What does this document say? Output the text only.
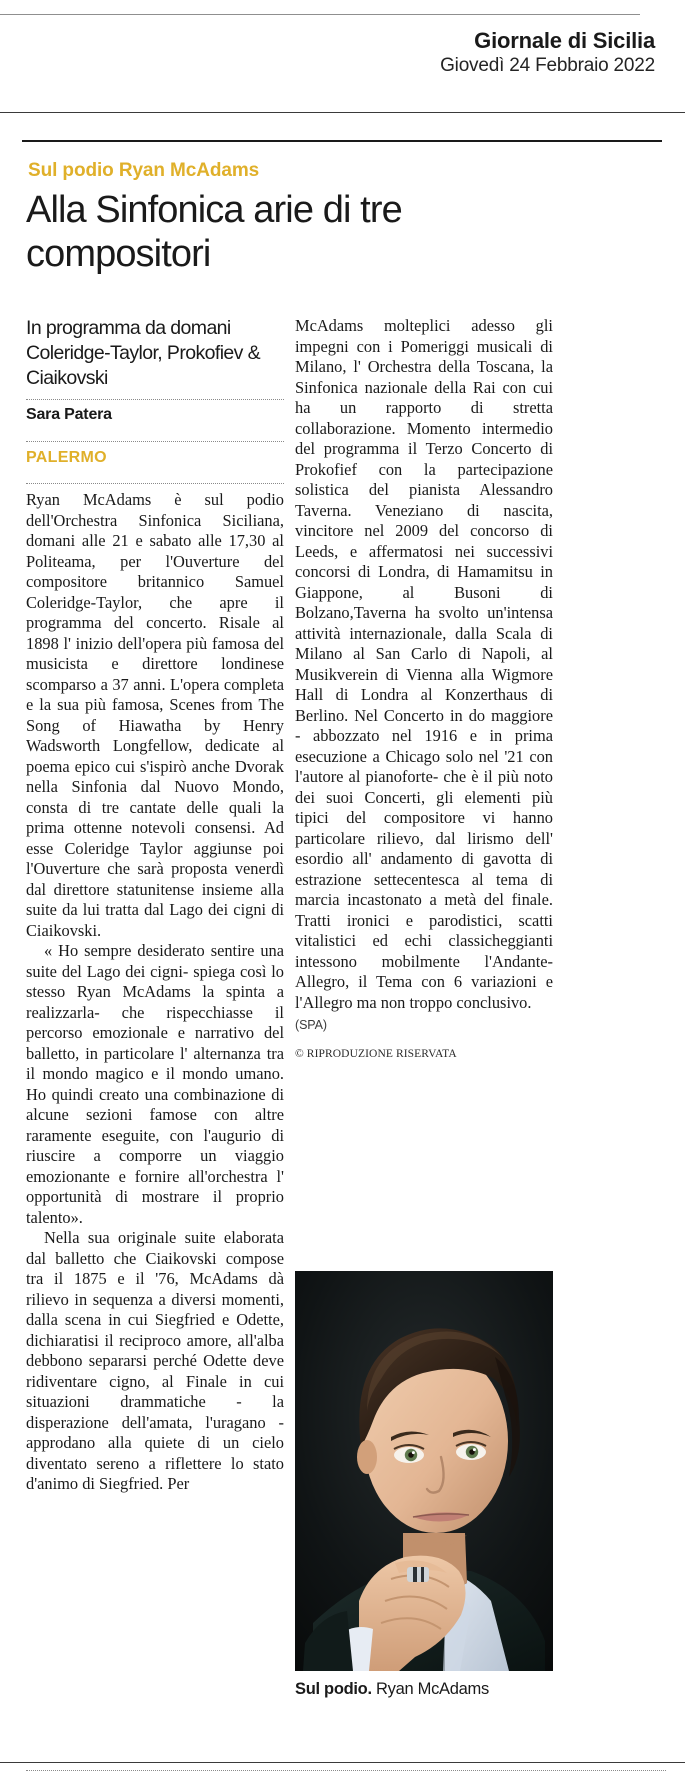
Giornale di Sicilia
Giovedì 24 Febbraio 2022
Sul podio Ryan McAdams
Alla Sinfonica arie di tre compositori
In programma da domani Coleridge-Taylor, Prokofiev & Ciaikovski
Sara Patera
PALERMO

Ryan McAdams è sul podio dell'Orchestra Sinfonica Siciliana, domani alle 21 e sabato alle 17,30 al Politeama, per l'Ouverture del compositore britannico Samuel Coleridge-Taylor, che apre il programma del concerto. Risale al 1898 l' inizio dell'opera più famosa del musicista e direttore londinese scomparso a 37 anni. L'opera completa e la sua più famosa, Scenes from The Song of Hiawatha by Henry Wadsworth Longfellow, dedicate al poema epico cui s'ispirò anche Dvorak nella Sinfonia dal Nuovo Mondo, consta di tre cantate delle quali la prima ottenne notevoli consensi. Ad esse Coleridge Taylor aggiunse poi l'Ouverture che sarà proposta venerdì dal direttore statunitense insieme alla suite da lui tratta dal Lago dei cigni di Ciaikovski.

« Ho sempre desiderato sentire una suite del Lago dei cigni- spiega così lo stesso Ryan McAdams la spinta a realizzarla- che rispecchiasse il percorso emozionale e narrativo del balletto, in particolare l' alternanza tra il mondo magico e il mondo umano. Ho quindi creato una combinazione di alcune sezioni famose con altre raramente eseguite, con l'augurio di riuscire a comporre un viaggio emozionante e fornire all'orchestra l' opportunità di mostrare il proprio talento».

Nella sua originale suite elaborata dal balletto che Ciaikovski compose tra il 1875 e il '76, McAdams dà rilievo in sequenza a diversi momenti, dalla scena in cui Siegfried e Odette, dichiaratisi il reciproco amore, all'alba debbono separarsi perché Odette deve ridiventare cigno, al Finale in cui situazioni drammatiche - la disperazione dell'amata, l'uragano - approdano alla quiete di un cielo diventato sereno a riflettere lo stato d'animo di Siegfried. Per

McAdams molteplici adesso gli impegni con i Pomeriggi musicali di Milano, l' Orchestra della Toscana, la Sinfonica nazionale della Rai con cui ha un rapporto di stretta collaborazione. Momento intermedio del programma il Terzo Concerto di Prokofief con la partecipazione solistica del pianista Alessandro Taverna. Veneziano di nascita, vincitore nel 2009 del concorso di Leeds, e affermatosi nei successivi concorsi di Londra, di Hamamitsu in Giappone, al Busoni di Bolzano,Taverna ha svolto un'intensa attività internazionale, dalla Scala di Milano al San Carlo di Napoli, al Musikverein di Vienna alla Wigmore Hall di Londra al Konzerthaus di Berlino. Nel Concerto in do maggiore - abbozzato nel 1916 e in prima esecuzione a Chicago solo nel '21 con l'autore al pianoforte- che è il più noto dei suoi Concerti, gli elementi più tipici del compositore vi hanno particolare rilievo, dal lirismo dell' esordio all' andamento di gavotta di estrazione settecentesca al tema di marcia incastonato a metà del finale. Tratti ironici e parodistici, scatti vitalistici ed echi classicheggianti intessono mobilmente l'Andante-Allegro, il Tema con 6 variazioni e l'Allegro ma non troppo conclusivo.

(SPA)
© RIPRODUZIONE RISERVATA
Sul podio. Ryan McAdams
